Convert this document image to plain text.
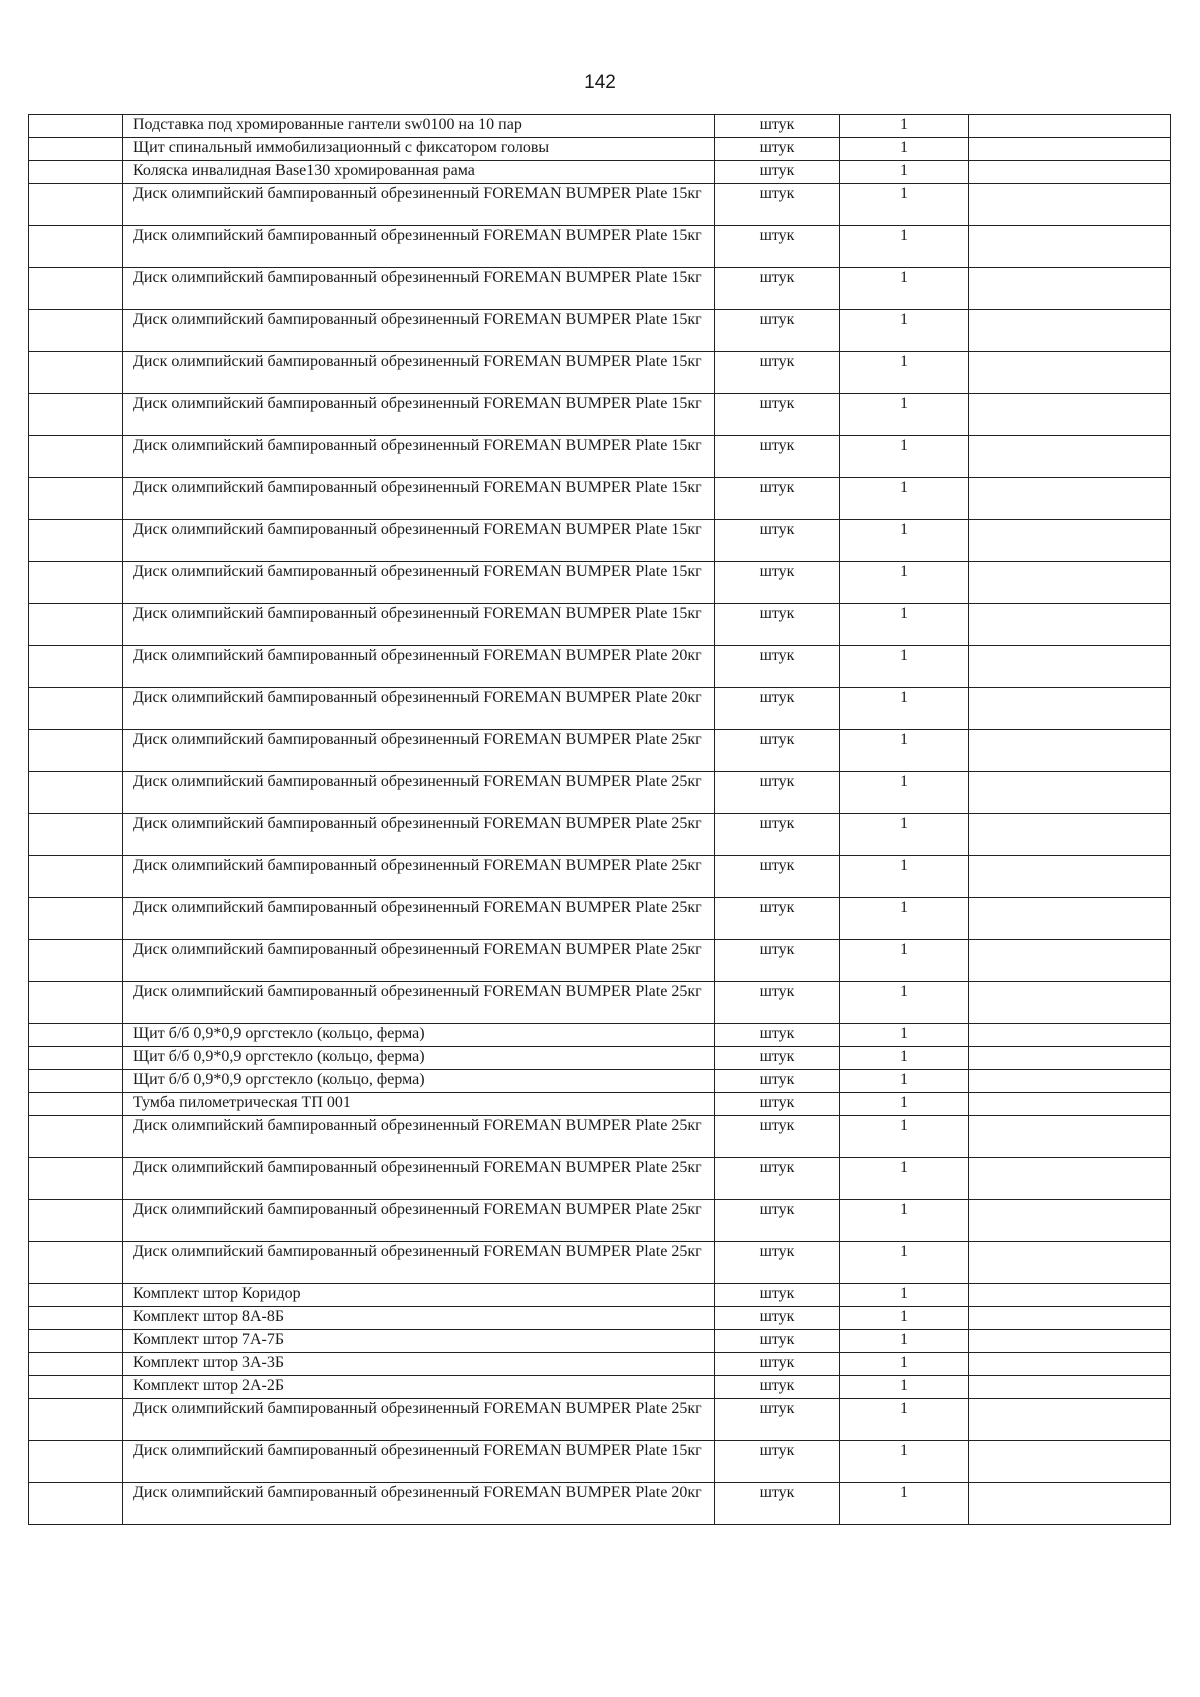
142
	Подставка под хромированные гантели sw0100 на 10 пар	штук	1	
	Щит спинальный иммобилизационный с фиксатором головы	штук	1	
	Коляска инвалидная Base130 хромированная рама	штук	1	
	Диск олимпийский бампированный обрезиненный FOREMAN BUMPER Plate 15кг	штук	1	
	Диск олимпийский бампированный обрезиненный FOREMAN BUMPER Plate 15кг	штук	1	
	Диск олимпийский бампированный обрезиненный FOREMAN BUMPER Plate 15кг	штук	1	
	Диск олимпийский бампированный обрезиненный FOREMAN BUMPER Plate 15кг	штук	1	
	Диск олимпийский бампированный обрезиненный FOREMAN BUMPER Plate 15кг	штук	1	
	Диск олимпийский бампированный обрезиненный FOREMAN BUMPER Plate 15кг	штук	1	
	Диск олимпийский бампированный обрезиненный FOREMAN BUMPER Plate 15кг	штук	1	
	Диск олимпийский бампированный обрезиненный FOREMAN BUMPER Plate 15кг	штук	1	
	Диск олимпийский бампированный обрезиненный FOREMAN BUMPER Plate 15кг	штук	1	
	Диск олимпийский бампированный обрезиненный FOREMAN BUMPER Plate 15кг	штук	1	
	Диск олимпийский бампированный обрезиненный FOREMAN BUMPER Plate 15кг	штук	1	
	Диск олимпийский бампированный обрезиненный FOREMAN BUMPER Plate 20кг	штук	1	
	Диск олимпийский бампированный обрезиненный FOREMAN BUMPER Plate 20кг	штук	1	
	Диск олимпийский бампированный обрезиненный FOREMAN BUMPER Plate 25кг	штук	1	
	Диск олимпийский бампированный обрезиненный FOREMAN BUMPER Plate 25кг	штук	1	
	Диск олимпийский бампированный обрезиненный FOREMAN BUMPER Plate 25кг	штук	1	
	Диск олимпийский бампированный обрезиненный FOREMAN BUMPER Plate 25кг	штук	1	
	Диск олимпийский бампированный обрезиненный FOREMAN BUMPER Plate 25кг	штук	1	
	Диск олимпийский бампированный обрезиненный FOREMAN BUMPER Plate 25кг	штук	1	
	Диск олимпийский бампированный обрезиненный FOREMAN BUMPER Plate 25кг	штук	1	
	Щит б/б 0,9*0,9 оргстекло (кольцо, ферма)	штук	1	
	Щит б/б 0,9*0,9 оргстекло (кольцо, ферма)	штук	1	
	Щит б/б 0,9*0,9 оргстекло (кольцо, ферма)	штук	1	
	Тумба пилометрическая ТП 001	штук	1	
	Диск олимпийский бампированный обрезиненный FOREMAN BUMPER Plate 25кг	штук	1	
	Диск олимпийский бампированный обрезиненный FOREMAN BUMPER Plate 25кг	штук	1	
	Диск олимпийский бампированный обрезиненный FOREMAN BUMPER Plate 25кг	штук	1	
	Диск олимпийский бампированный обрезиненный FOREMAN BUMPER Plate 25кг	штук	1	
	Комплект штор Коридор	штук	1	
	Комплект штор 8А-8Б	штук	1	
	Комплект штор 7А-7Б	штук	1	
	Комплект штор 3А-3Б	штук	1	
	Комплект штор 2А-2Б	штук	1	
	Диск олимпийский бампированный обрезиненный FOREMAN BUMPER Plate 25кг	штук	1	
	Диск олимпийский бампированный обрезиненный FOREMAN BUMPER Plate 15кг	штук	1	
	Диск олимпийский бампированный обрезиненный FOREMAN BUMPER Plate 20кг	штук	1	
